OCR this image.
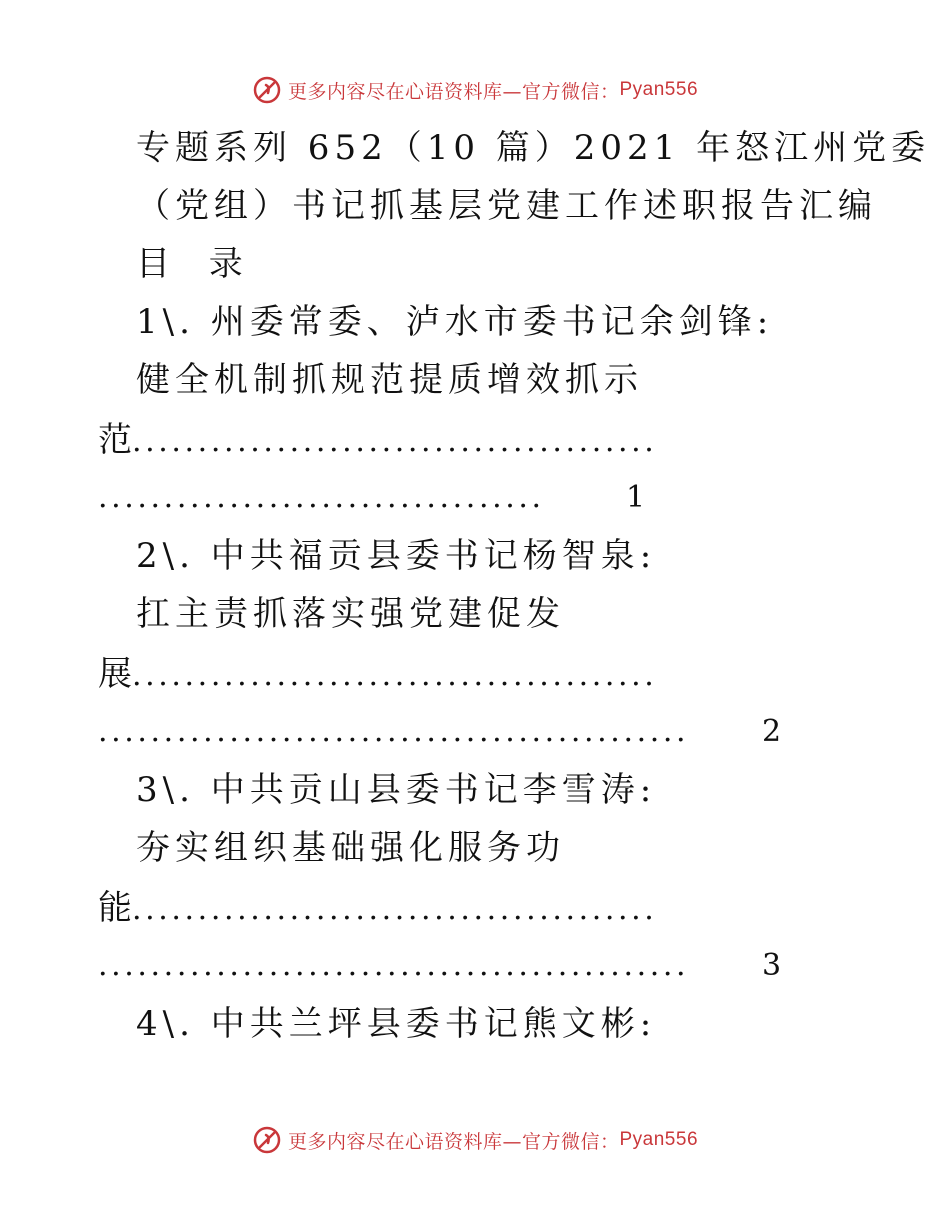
更多内容尽在心语资料库—官方微信： Pyan556
专题系列 652（10 篇）2021 年怒江州党委
（党组）书记抓基层党建工作述职报告汇编
目 录
1\. 州委常委、泸水市委书记余剑锋:
健全机制抓规范提质增效抓示
范........................................
..................................	1
2\. 中共福贡县委书记杨智泉:
扛主责抓落实强党建促发
展........................................
.............................................	2
3\. 中共贡山县委书记李雪涛:
夯实组织基础强化服务功
能........................................
.............................................	3
4\. 中共兰坪县委书记熊文彬:
更多内容尽在心语资料库—官方微信： Pyan556
